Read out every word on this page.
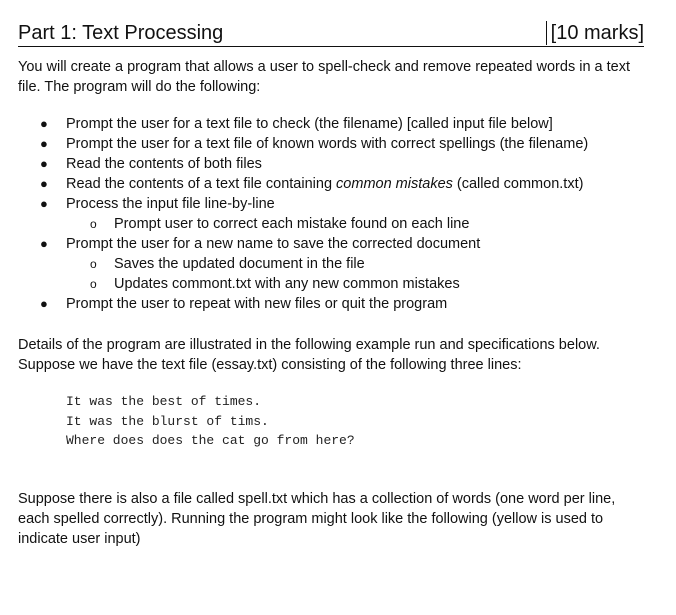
Part 1: Text Processing	[10 marks]

You will create a program that allows a user to spell-check and remove repeated words in a text file. The program will do the following:

● Prompt the user for a text file to check (the filename) [called input file below]
● Prompt the user for a text file of known words with correct spellings (the filename)
● Read the contents of both files
● Read the contents of a text file containing common mistakes (called common.txt)
● Process the input file line-by-line
o Prompt user to correct each mistake found on each line
● Prompt the user for a new name to save the corrected document
o Saves the updated document in the file
o Updates commont.txt with any new common mistakes
● Prompt the user to repeat with new files or quit the program

Details of the program are illustrated in the following example run and specifications below. Suppose we have the text file (essay.txt) consisting of the following three lines:

It was the best of times.
It was the blurst of tims.
Where does does the cat go from here?

Suppose there is also a file called spell.txt which has a collection of words (one word per line, each spelled correctly). Running the program might look like the following (yellow is used to indicate user input)
